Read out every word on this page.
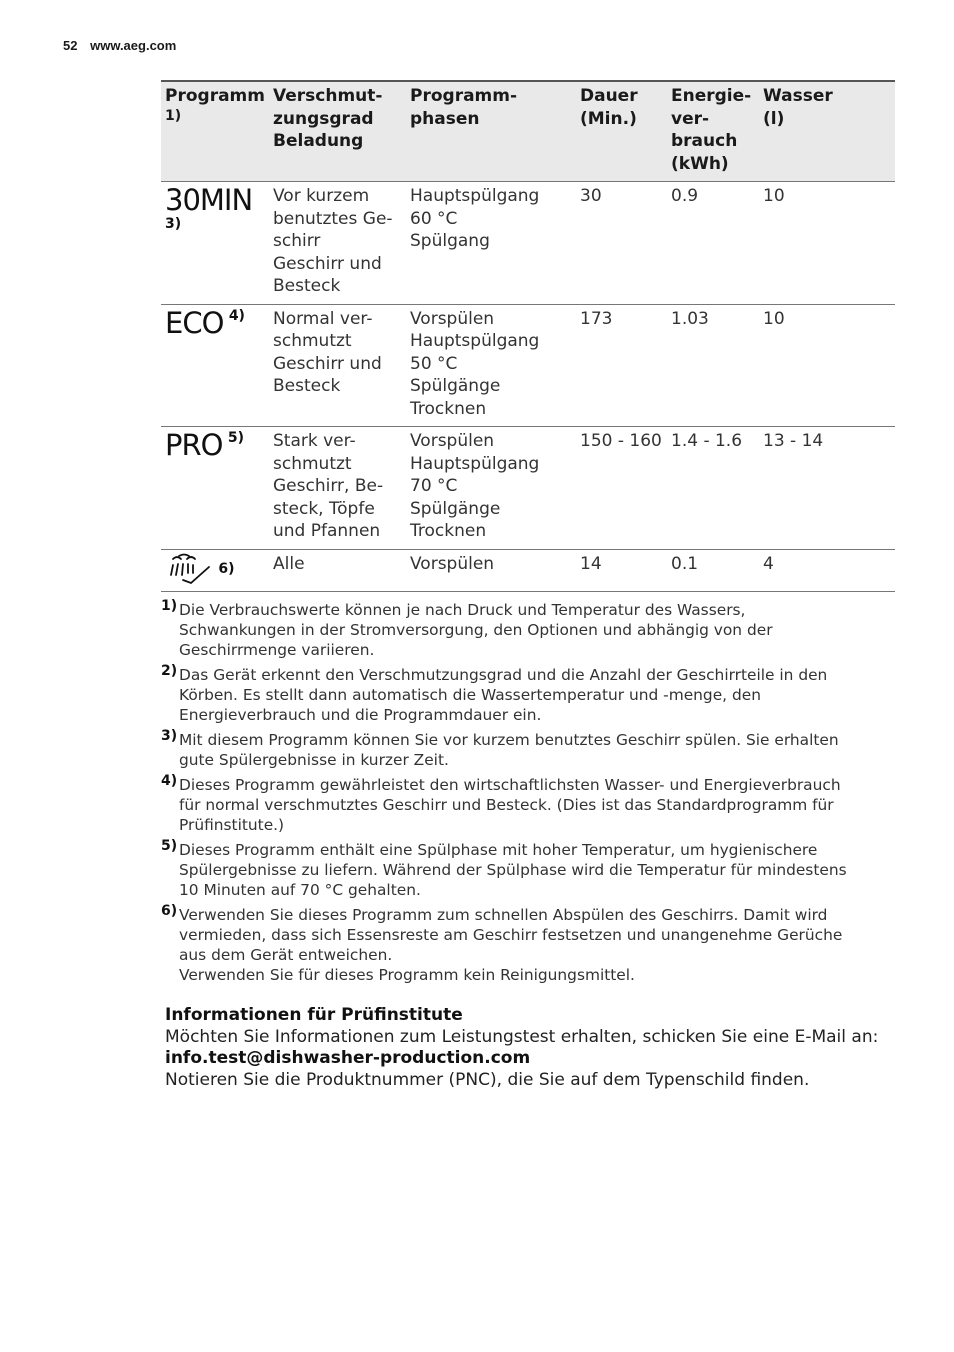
52 www.aeg.com
Programm
1)	Verschmut-
zungsgrad
Beladung	Programm-
phasen	Dauer
(Min.)	Energie-
ver-
brauch
(kWh)	Wasser
(l)

30MIN
3)	Vor kurzem
benutztes Ge-
schirr
Geschirr und
Besteck	Hauptspülgang
60 °C
Spülgang	30	0.9	10
ECO $^{4)}$	Normal ver-
schmutzt
Geschirr und
Besteck	Vorspülen
Hauptspülgang
50 °C
Spülgänge
Trocknen	173	1.03	10
PRO $^{5)}$	Stark ver-
schmutzt
Geschirr, Be-
steck, Töpfe
und Pfannen	Vorspülen
Hauptspülgang
70 °C
Spülgänge
Trocknen	150 - 160	1.4 - 1.6	13 - 14
6)	Alle	Vorspülen	14	0.1	4
1) Die Verbrauchswerte können je nach Druck und Temperatur des Wassers,
Schwankungen in der Stromversorgung, den Optionen und abhängig von der
Geschirrmenge variieren.
2) Das Gerät erkennt den Verschmutzungsgrad und die Anzahl der Geschirrteile in den
Körben. Es stellt dann automatisch die Wassertemperatur und -menge, den
Energieverbrauch und die Programmdauer ein.
3) Mit diesem Programm können Sie vor kurzem benutztes Geschirr spülen. Sie erhalten
gute Spülergebnisse in kurzer Zeit.
4) Dieses Programm gewährleistet den wirtschaftlichsten Wasser- und Energieverbrauch
für normal verschmutztes Geschirr und Besteck. (Dies ist das Standardprogramm für
Prüfinstitute.)
5) Dieses Programm enthält eine Spülphase mit hoher Temperatur, um hygienischere
Spülergebnisse zu liefern. Während der Spülphase wird die Temperatur für mindestens
10 Minuten auf 70 °C gehalten.
6) Verwenden Sie dieses Programm zum schnellen Abspülen des Geschirrs. Damit wird
vermieden, dass sich Essensreste am Geschirr festsetzen und unangenehme Gerüche
aus dem Gerät entweichen.
Verwenden Sie für dieses Programm kein Reinigungsmittel.

Informationen für Prüfinstitute

Möchten Sie Informationen zum Leistungstest erhalten, schicken Sie eine E-Mail an:

info.test@dishwasher-production.com

Notieren Sie die Produktnummer (PNC), die Sie auf dem Typenschild finden.
